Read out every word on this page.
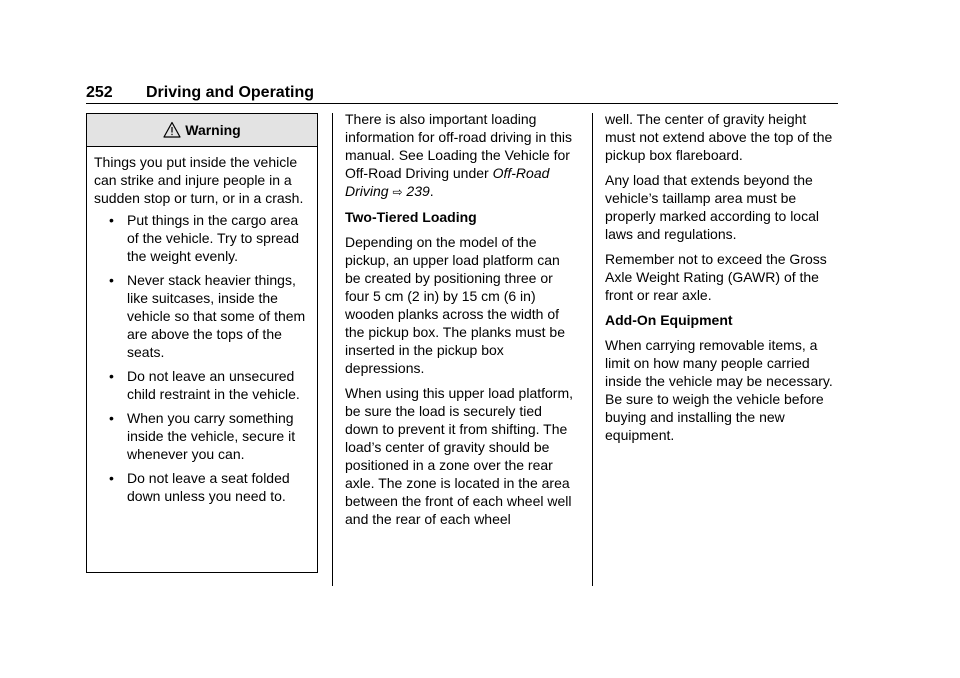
252 Driving and Operating
Warning

Things you put inside the vehicle can strike and injure people in a sudden stop or turn, or in a crash.

• Put things in the cargo area of the vehicle. Try to spread the weight evenly.
• Never stack heavier things, like suitcases, inside the vehicle so that some of them are above the tops of the seats.
• Do not leave an unsecured child restraint in the vehicle.
• When you carry something inside the vehicle, secure it whenever you can.
• Do not leave a seat folded down unless you need to.

There is also important loading information for off-road driving in this manual. See Loading the Vehicle for Off-Road Driving under Off-Road Driving ⇨ 239.

Two-Tiered Loading

Depending on the model of the pickup, an upper load platform can be created by positioning three or four 5 cm (2 in) by 15 cm (6 in) wooden planks across the width of the pickup box. The planks must be inserted in the pickup box depressions.

When using this upper load platform, be sure the load is securely tied down to prevent it from shifting. The load’s center of gravity should be positioned in a zone over the rear axle. The zone is located in the area between the front of each wheel well and the rear of each wheel

well. The center of gravity height must not extend above the top of the pickup box flareboard.

Any load that extends beyond the vehicle’s taillamp area must be properly marked according to local laws and regulations.

Remember not to exceed the Gross Axle Weight Rating (GAWR) of the front or rear axle.

Add-On Equipment

When carrying removable items, a limit on how many people carried inside the vehicle may be necessary. Be sure to weigh the vehicle before buying and installing the new equipment.
